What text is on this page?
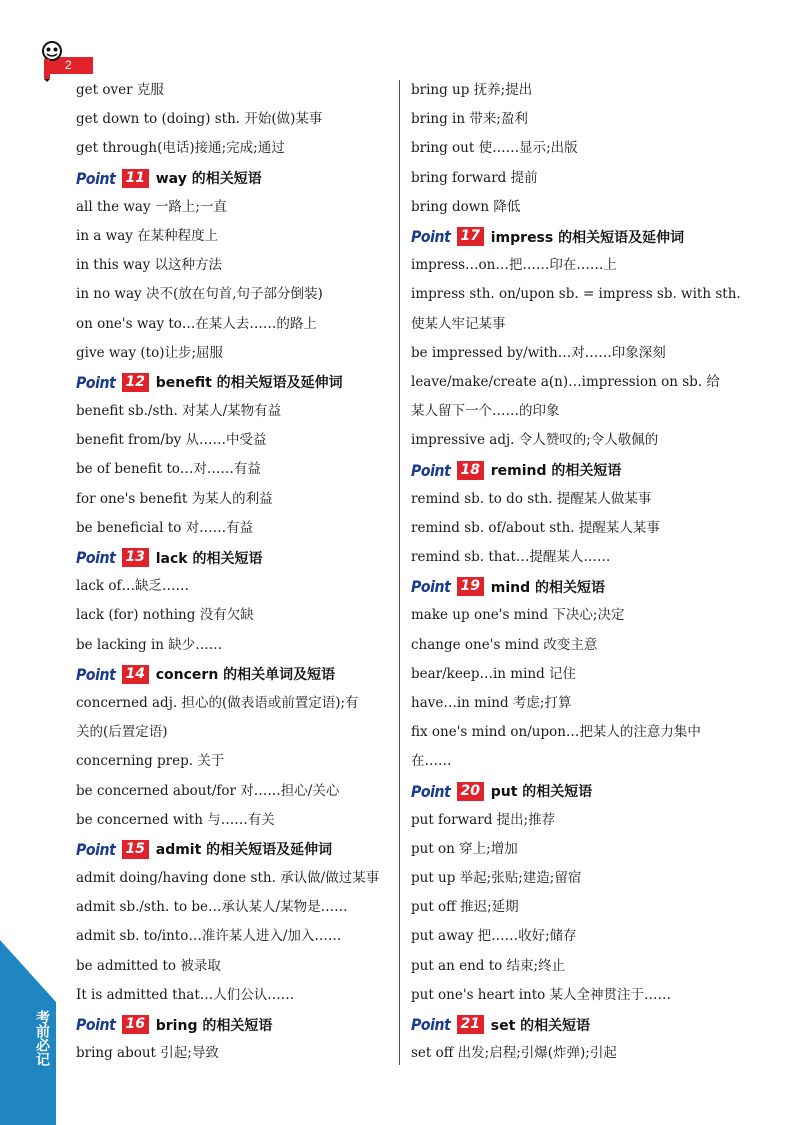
2
get over 克服
get down to (doing) sth. 开始(做)某事
get through(电话)接通;完成;通过
Point 11 way 的相关短语
all the way 一路上;一直
in a way 在某种程度上
in this way 以这种方法
in no way 决不(放在句首,句子部分倒装)
on one's way to…在某人去……的路上
give way (to)让步;屈服
Point 12 benefit 的相关短语及延伸词
benefit sb./sth. 对某人/某物有益
benefit from/by 从……中受益
be of benefit to…对……有益
for one's benefit 为某人的利益
be beneficial to 对……有益
Point 13 lack 的相关短语
lack of…缺乏……
lack (for) nothing 没有欠缺
be lacking in 缺少……
Point 14 concern 的相关单词及短语
concerned adj. 担心的(做表语或前置定语);有
关的(后置定语)
concerning prep. 关于
be concerned about/for 对……担心/关心
be concerned with 与……有关
Point 15 admit 的相关短语及延伸词
admit doing/having done sth. 承认做/做过某事
admit sb./sth. to be…承认某人/某物是……
admit sb. to/into…准许某人进入/加入……
be admitted to 被录取
It is admitted that…人们公认……
Point 16 bring 的相关短语
bring about 引起;导致
bring up 抚养;提出
bring in 带来;盈利
bring out 使……显示;出版
bring forward 提前
bring down 降低
Point 17 impress 的相关短语及延伸词
impress…on…把……印在……上
impress sth. on/upon sb. = impress sb. with sth.
使某人牢记某事
be impressed by/with…对……印象深刻
leave/make/create a(n)…impression on sb. 给
某人留下一个……的印象
impressive adj. 令人赞叹的;令人敬佩的
Point 18 remind 的相关短语
remind sb. to do sth. 提醒某人做某事
remind sb. of/about sth. 提醒某人某事
remind sb. that…提醒某人……
Point 19 mind 的相关短语
make up one's mind 下决心;决定
change one's mind 改变主意
bear/keep…in mind 记住
have…in mind 考虑;打算
fix one's mind on/upon…把某人的注意力集中
在……
Point 20 put 的相关短语
put forward 提出;推荐
put on 穿上;增加
put up 举起;张贴;建造;留宿
put off 推迟;延期
put away 把……收好;储存
put an end to 结束;终止
put one's heart into 某人全神贯注于……
Point 21 set 的相关短语
set off 出发;启程;引爆(炸弹);引起
考前必记
